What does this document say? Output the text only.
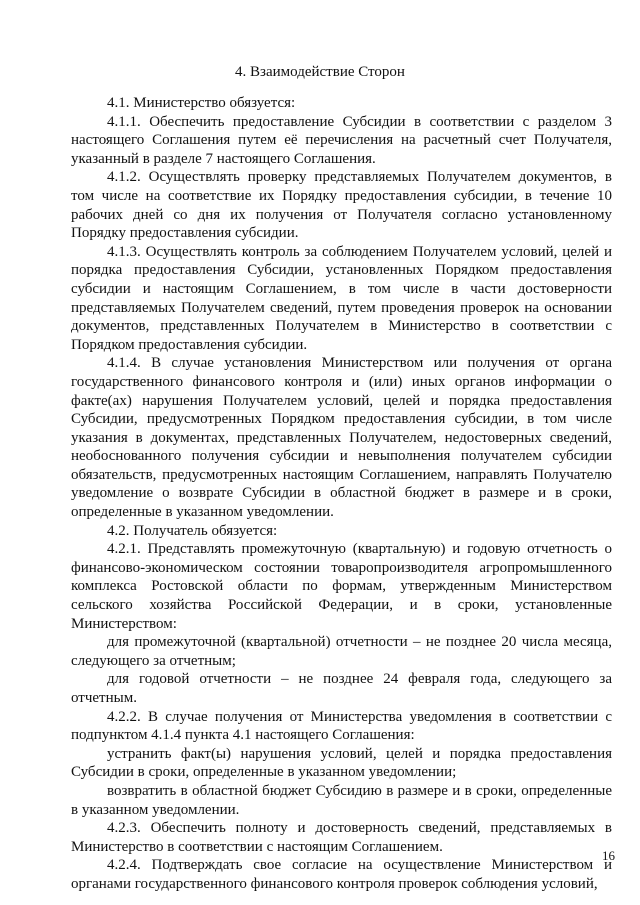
4. Взаимодействие Сторон

4.1. Министерство обязуется:

4.1.1. Обеспечить предоставление Субсидии в соответствии с разделом 3 настоящего Соглашения путем её перечисления на расчетный счет Получателя, указанный в разделе 7 настоящего Соглашения.

4.1.2. Осуществлять проверку представляемых Получателем документов, в том числе на соответствие их Порядку предоставления субсидии, в течение 10 рабочих дней со дня их получения от Получателя согласно установленному Порядку предоставления субсидии.

4.1.3. Осуществлять контроль за соблюдением Получателем условий, целей и порядка предоставления Субсидии, установленных Порядком предоставления субсидии и настоящим Соглашением, в том числе в части достоверности представляемых Получателем сведений, путем проведения проверок на основании документов, представленных Получателем в Министерство в соответствии с Порядком предоставления субсидии.

4.1.4. В случае установления Министерством или получения от органа государственного финансового контроля и (или) иных органов информации о факте(ах) нарушения Получателем условий, целей и порядка предоставления Субсидии, предусмотренных Порядком предоставления субсидии, в том числе указания в документах, представленных Получателем, недостоверных сведений, необоснованного получения субсидии и невыполнения получателем субсидии обязательств, предусмотренных настоящим Соглашением, направлять Получателю уведомление о возврате Субсидии в областной бюджет в размере и в сроки, определенные в указанном уведомлении.

4.2. Получатель обязуется:

4.2.1. Представлять промежуточную (квартальную) и годовую отчетность о финансово-экономическом состоянии товаропроизводителя агропромышленного комплекса Ростовской области по формам, утвержденным Министерством сельского хозяйства Российской Федерации, и в сроки, установленные Министерством:

для промежуточной (квартальной) отчетности – не позднее 20 числа месяца, следующего за отчетным;

для годовой отчетности – не позднее 24 февраля года, следующего за отчетным.

4.2.2. В случае получения от Министерства уведомления в соответствии с подпунктом 4.1.4 пункта 4.1 настоящего Соглашения:

устранить факт(ы) нарушения условий, целей и порядка предоставления Субсидии в сроки, определенные в указанном уведомлении;

возвратить в областной бюджет Субсидию в размере и в сроки, определенные в указанном уведомлении.

4.2.3. Обеспечить полноту и достоверность сведений, представляемых в Министерство в соответствии с настоящим Соглашением.

4.2.4. Подтверждать свое согласие на осуществление Министерством и органами государственного финансового контроля проверок соблюдения условий,

16
